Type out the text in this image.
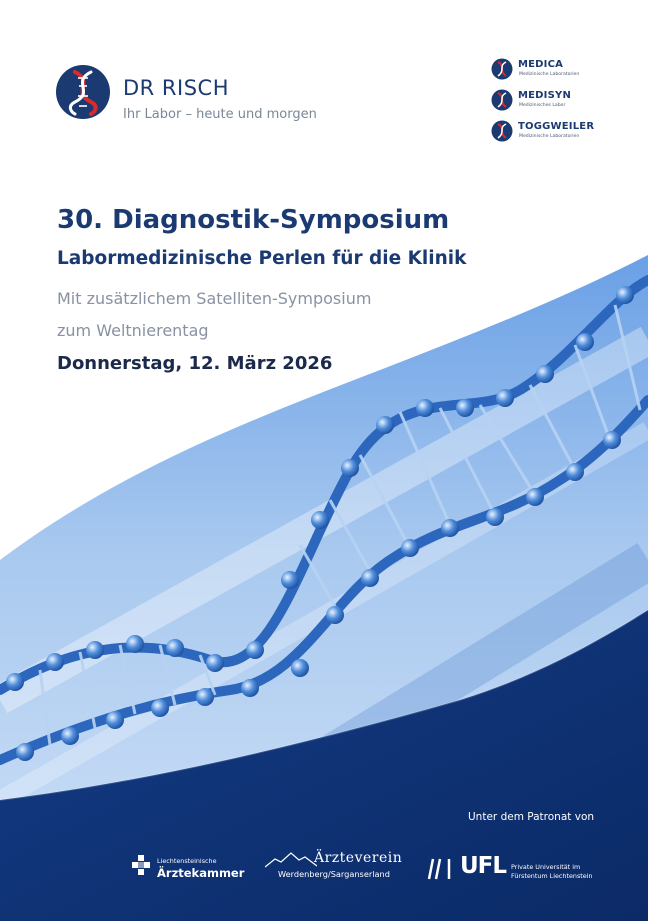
DR RISCH
Ihr Labor – heute und morgen
MEDICA
Medizinische Laboratorien
MEDISYN
Medizinisches Labor
TOGGWEILER
Medizinische Laboratorien
30. Diagnostik-Symposium
Labormedizinische Perlen für die Klinik
Mit zusätzlichem Satelliten-Symposium
zum Weltnierentag
Donnerstag, 12. März 2026
Unter dem Patronat von
Liechtensteinische
Ärztekammer
Ärzteverein
Werdenberg/Sarganserland	UFL Private Universität im
Fürstentum Liechtenstein
